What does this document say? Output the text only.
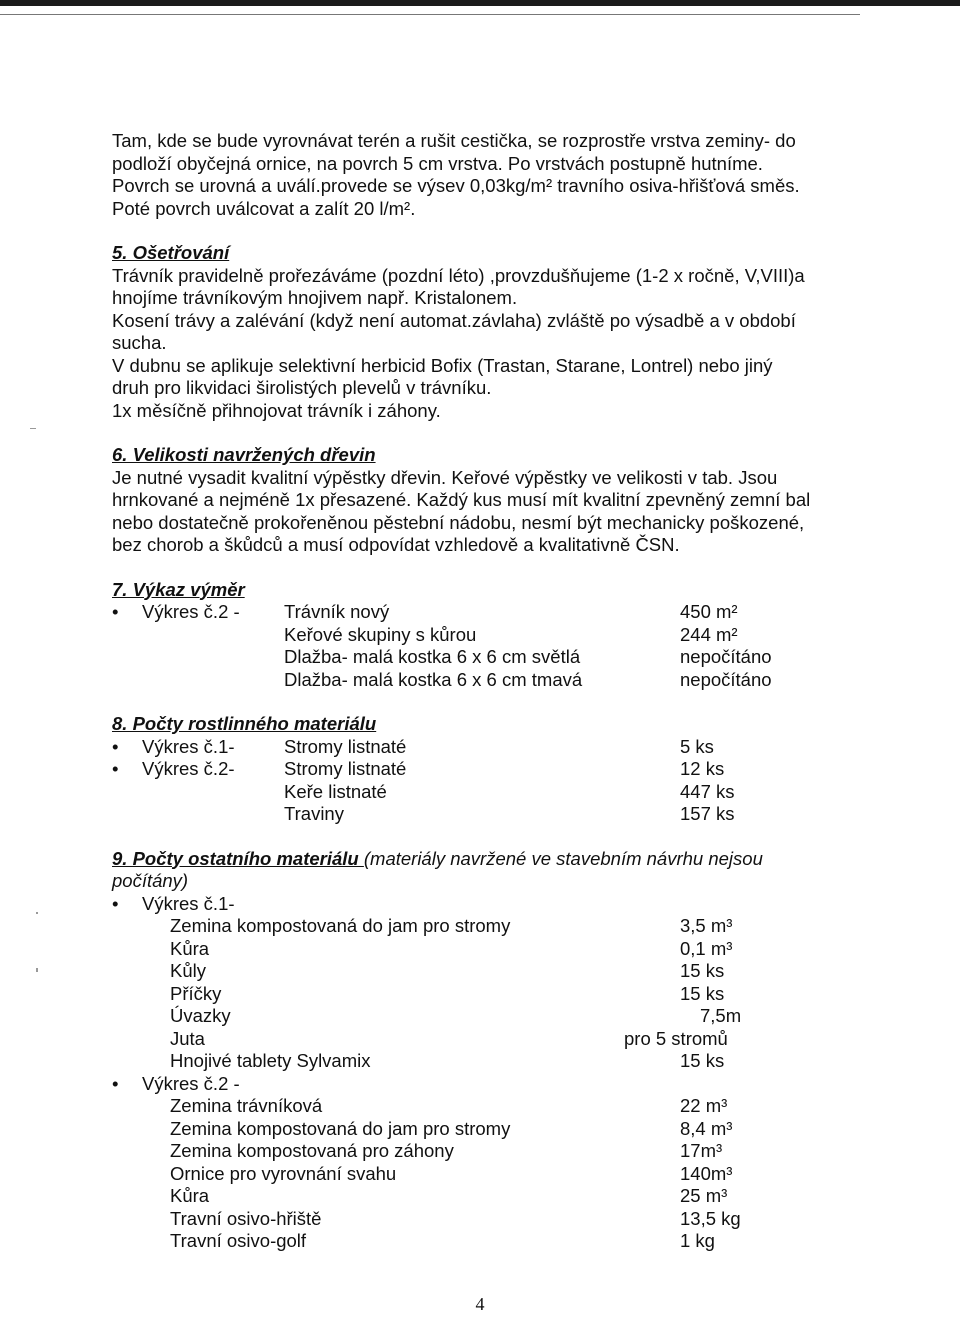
Tam, kde se bude vyrovnávat terén a rušit cestička, se rozprostře vrstva zeminy- do

podloží obyčejná ornice, na povrch 5 cm vrstva. Po vrstvách postupně hutníme.

Povrch se urovná a uválí.provede se výsev 0,03kg/m² travního osiva-hřišťová směs.

Poté povrch uválcovat a zalít 20 l/m².

5. Ošetřování

Trávník pravidelně prořezáváme (pozdní léto) ,provzdušňujeme (1-2 x ročně, V,VIII)a

hnojíme trávníkovým hnojivem např. Kristalonem.

Kosení trávy a zalévání (když není automat.závlaha) zvláště po výsadbě a v období

sucha.

V dubnu se aplikuje selektivní herbicid Bofix (Trastan, Starane, Lontrel) nebo jiný

druh pro likvidaci širolistých plevelů v trávníku.

1x měsíčně přihnojovat trávník i záhony.

6. Velikosti navržených dřevin

Je nutné vysadit kvalitní výpěstky dřevin. Keřové výpěstky ve velikosti v tab. Jsou

hrnkované a nejméně 1x přesazené. Každý kus musí mít kvalitní zpevněný zemní bal

nebo dostatečně prokořeněnou pěstební nádobu, nesmí být mechanicky poškozené,

bez chorob a škůdců a musí odpovídat vzhledově a kvalitativně ČSN.

7. Výkaz výměr

• Výkres č.2 - Trávník nový	450 m²
Keřové skupiny s kůrou	244 m²
Dlažba- malá kostka 6 x 6 cm světlá	nepočítáno
Dlažba- malá kostka 6 x 6 cm tmavá	nepočítáno

8. Počty rostlinného materiálu

• Výkres č.1-	Stromy listnaté	5 ks
• Výkres č.2-	Stromy listnaté	12 ks
Keře listnaté	447 ks
Traviny	157 ks

9. Počty ostatního materiálu (materiály navržené ve stavebním návrhu nejsou

počítány)

• Výkres č.1-
Zemina kompostovaná do jam pro stromy	3,5 m³
Kůra	0,1 m³
Kůly	15 ks
Příčky	15 ks
Úvazky	7,5m
Juta	pro 5 stromů
Hnojivé tablety Sylvamix	15 ks
• Výkres č.2 -
Zemina trávníková	22 m³
Zemina kompostovaná do jam pro stromy	8,4 m³
Zemina kompostovaná pro záhony	17m³
Ornice pro vyrovnání svahu	140m³
Kůra	25 m³
Travní osivo-hřiště	13,5 kg
Travní osivo-golf	1 kg
4
